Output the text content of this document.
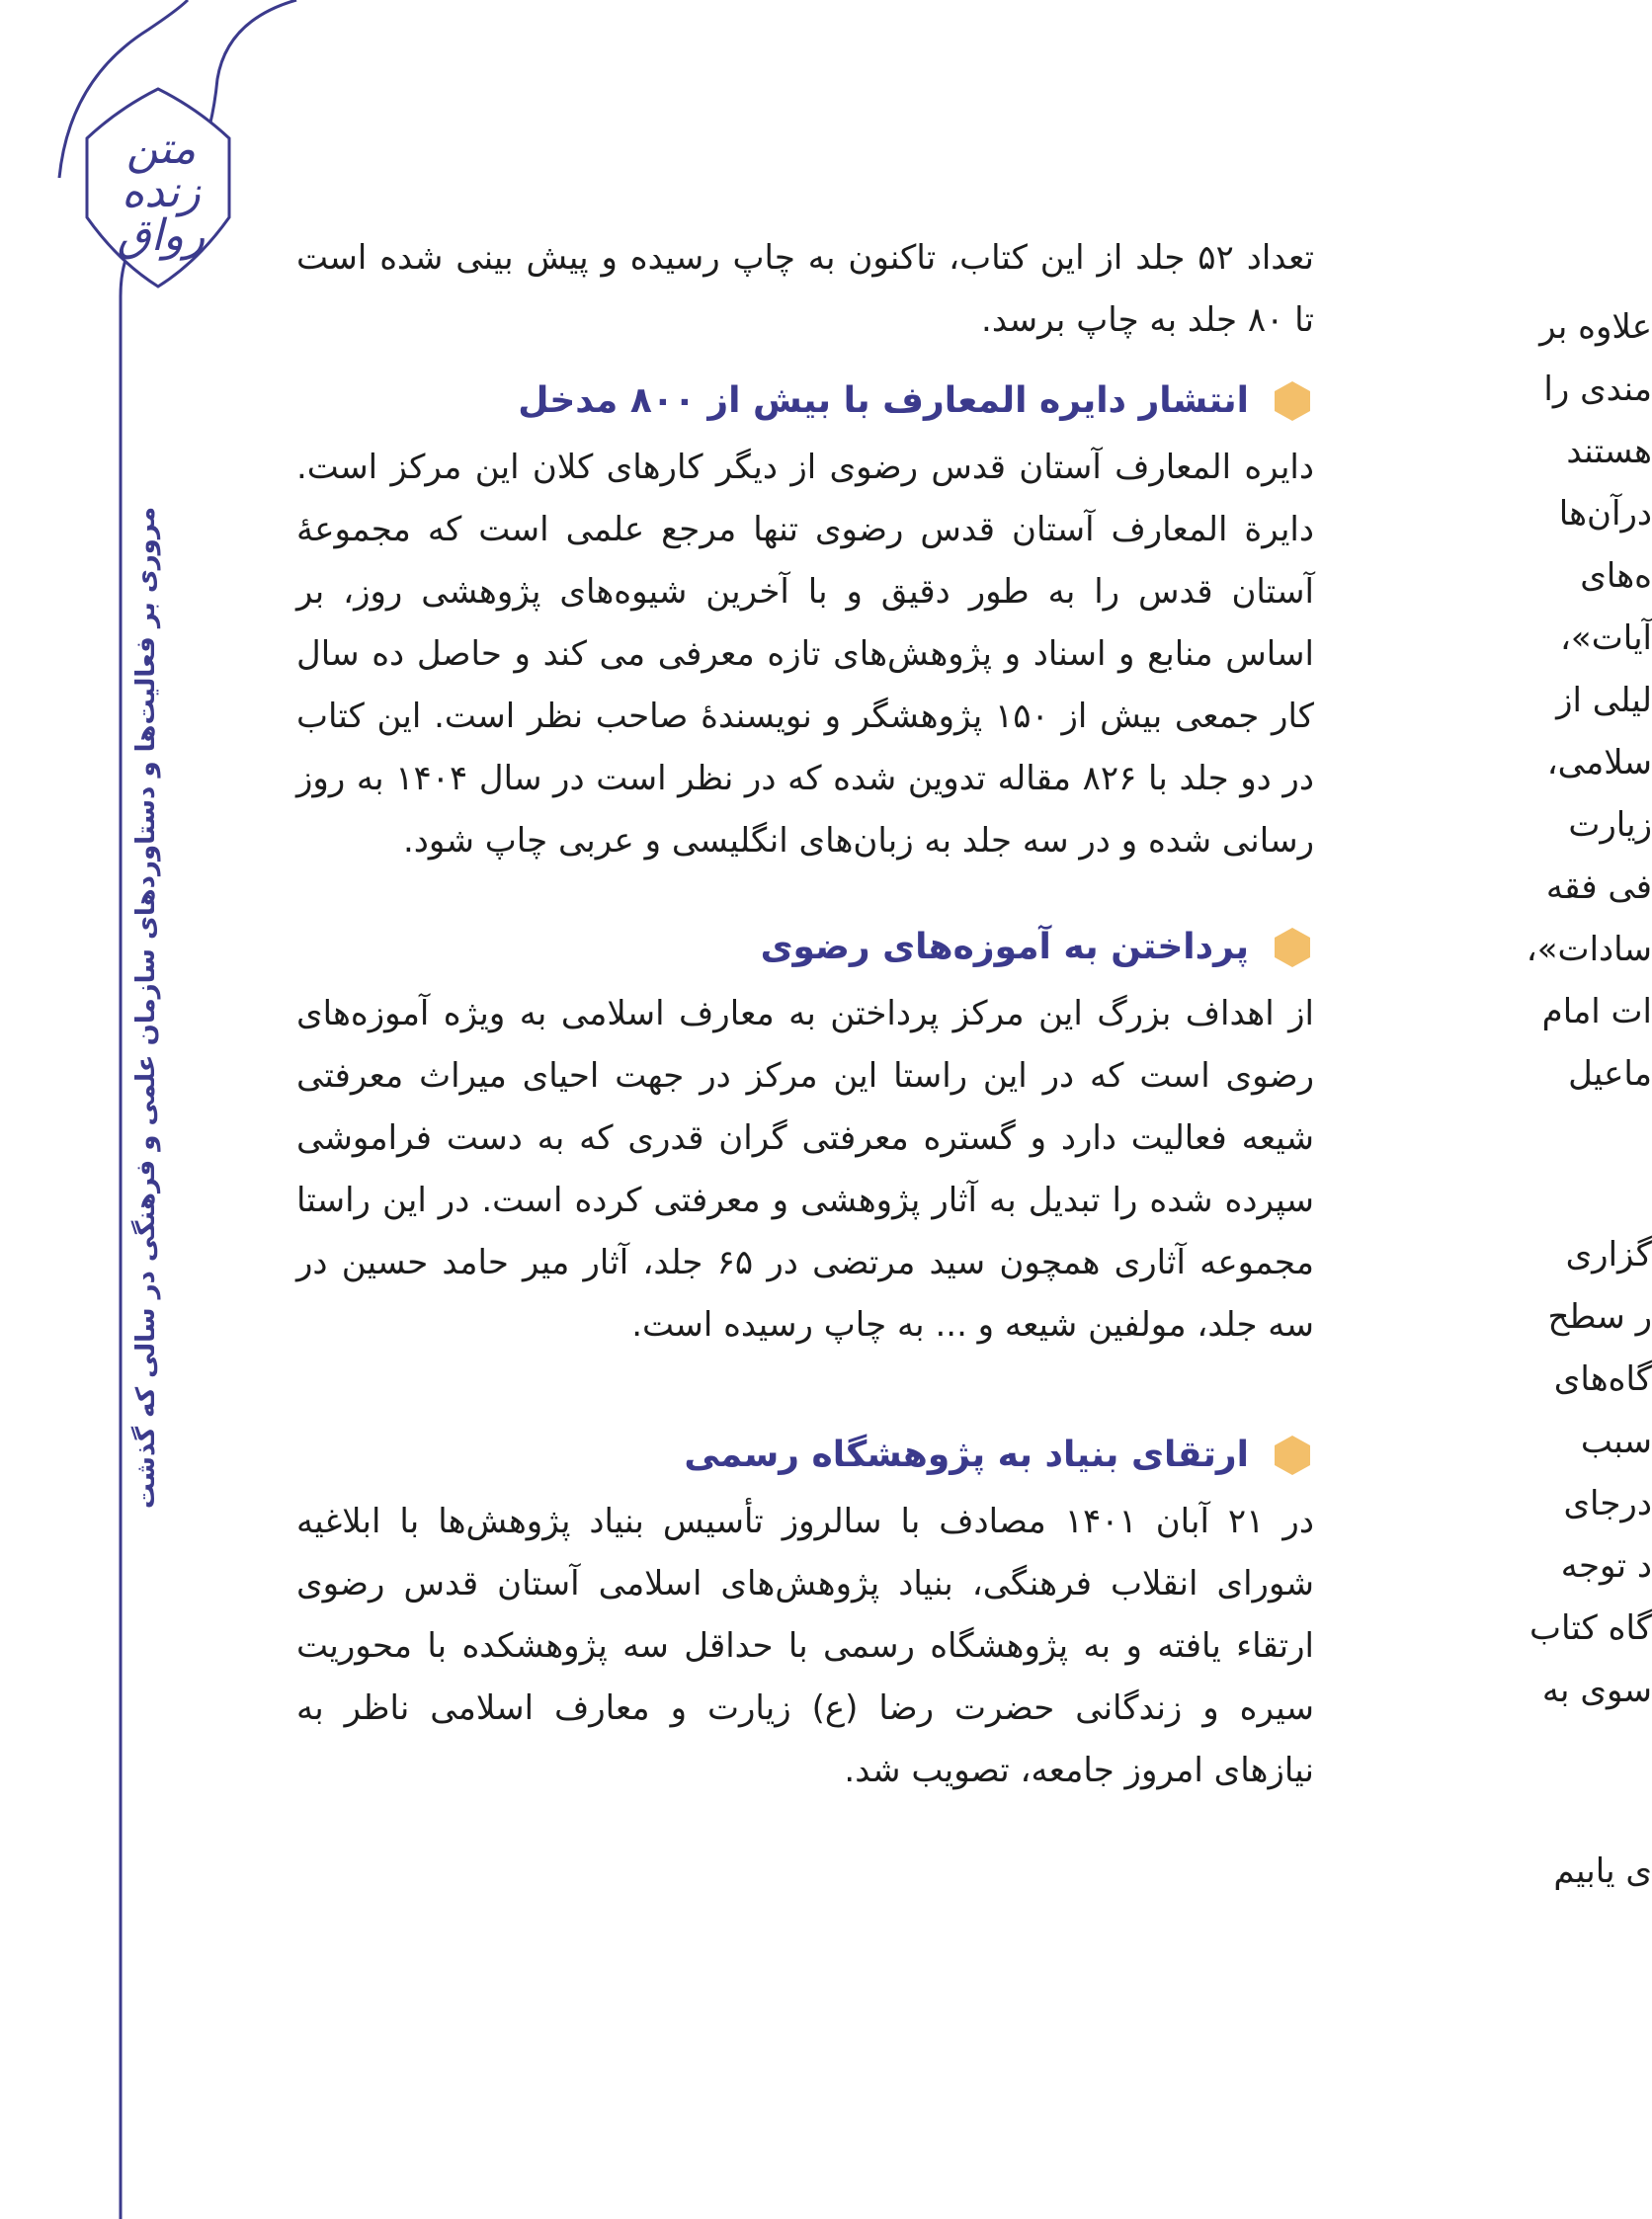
متن زنده رواق
مروری بر فعالیت‌ها و دستاوردهای سازمان علمی و فرهنگی در سالی که گذشت

تعداد ۵۲ جلد از این کتاب، تاکنون به چاپ رسیده و پیش بینی شده است تا ۸۰ جلد به چاپ برسد.

انتشار دایره المعارف با بیش از ۸۰۰ مدخل

دایره المعارف آستان قدس رضوی از دیگر کارهای کلان این مرکز است. دایرة المعارف آستان قدس رضوی تنها مرجع علمی است که مجموعهٔ آستان قدس را به طور دقیق و با آخرین شیوه‌های پژوهشی روز، بر اساس منابع و اسناد و پژوهش‌های تازه معرفی می کند و حاصل ده سال کار جمعی بیش از ۱۵۰ پژوهشگر و نویسندهٔ صاحب نظر است. این کتاب در دو جلد با ۸۲۶ مقاله تدوین شده که در نظر است در سال ۱۴۰۴ به روز رسانی شده و در سه جلد به زبان‌های انگلیسی و عربی چاپ شود.

پرداختن به آموزه‌های رضوی

از اهداف بزرگ این مرکز پرداختن به معارف اسلامی به ویژه آموزه‌های رضوی است که در این راستا این مرکز در جهت احیای میراث معرفتی شیعه فعالیت دارد و گستره معرفتی گران قدری که به دست فراموشی سپرده شده را تبدیل به آثار پژوهشی و معرفتی کرده است. در این راستا مجموعه آثاری همچون سید مرتضی در ۶۵ جلد، آثار میر حامد حسین در سه جلد، مولفین شیعه و ... به چاپ رسیده است.

ارتقای بنیاد به پژوهشگاه رسمی

در ۲۱ آبان ۱۴۰۱ مصادف با سالروز تأسیس بنیاد پژوهش‌ها با ابلاغیه شورای انقلاب فرهنگی، بنیاد پژوهش‌های اسلامی آستان قدس رضوی ارتقاء یافته و به پژوهشگاه رسمی با حداقل سه پژوهشکده با محوریت سیره و زندگانی حضرت رضا (ع) زیارت و معارف اسلامی ناظر به نیازهای امروز جامعه، تصویب شد.

علاوه بر
مندی را
هستند
درآن‌ها
ه‌های
آیات»،
لیلی از
سلامی،
زیارت
فی فقه
سادات»،
ات امام
ماعیل
گزاری
ر سطح
گاه‌های
سبب
درجای
د توجه
گاه کتاب
سوی به
ی یابیم
